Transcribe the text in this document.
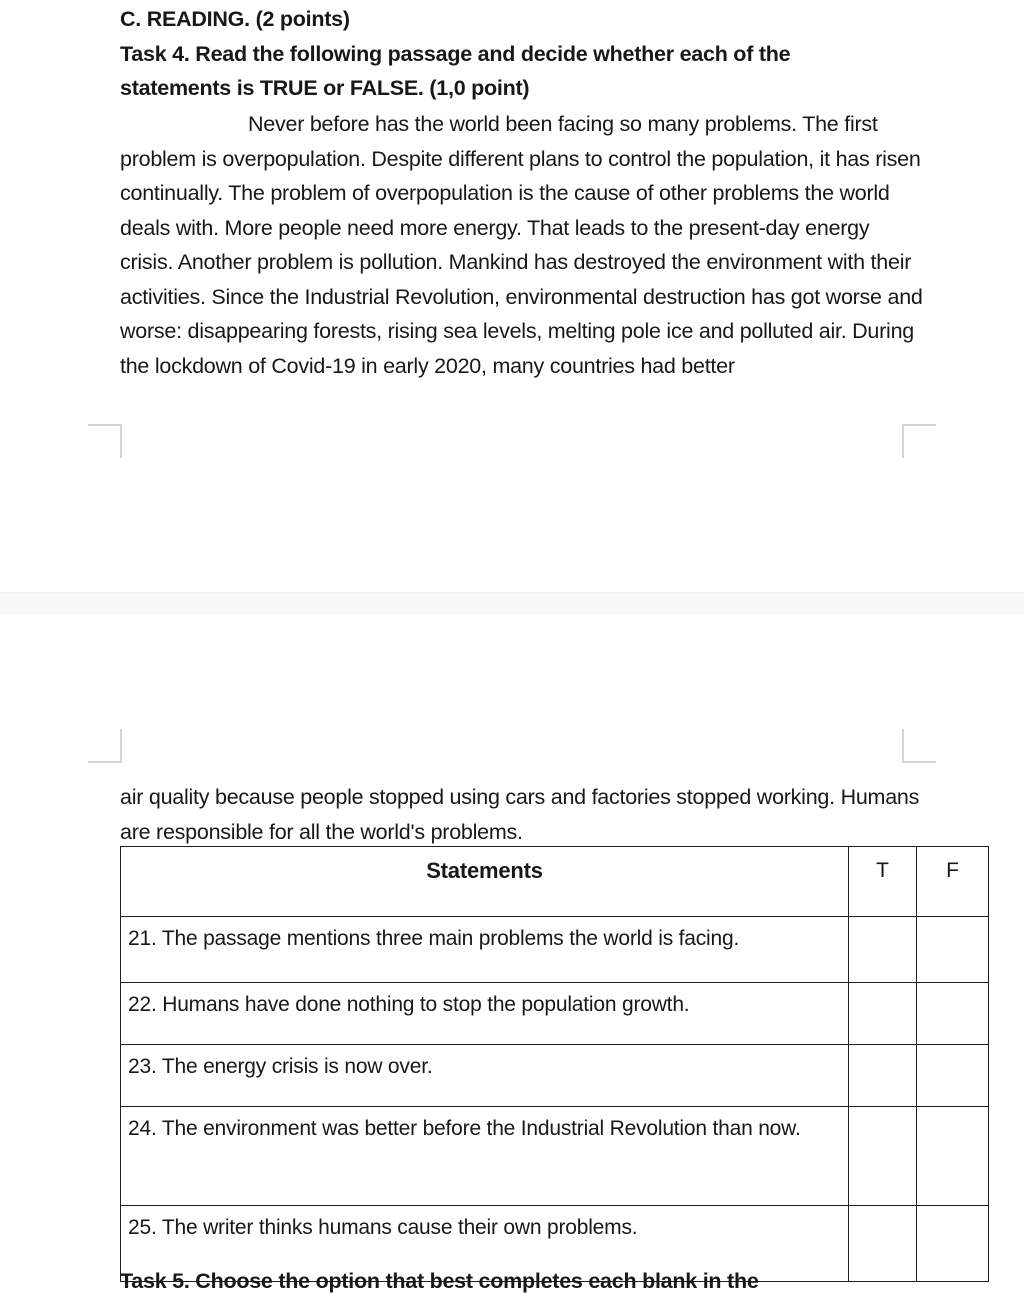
C. READING. (2 points)
Task 4. Read the following passage and decide whether each of the
statements is TRUE or FALSE. (1,0 point)
Never before has the world been facing so many problems. The first problem is overpopulation. Despite different plans to control the population, it has risen continually. The problem of overpopulation is the cause of other problems the world deals with. More people need more energy. That leads to the present-day energy crisis. Another problem is pollution. Mankind has destroyed the environment with their activities. Since the Industrial Revolution, environmental destruction has got worse and worse: disappearing forests, rising sea levels, melting pole ice and polluted air. During the lockdown of Covid-19 in early 2020, many countries had better
air quality because people stopped using cars and factories stopped working. Humans are responsible for all the world's problems.
Statements	T	F
21. The passage mentions three main problems the world is facing.		
22. Humans have done nothing to stop the population growth.		
23. The energy crisis is now over.		
24. The environment was better before the Industrial Revolution than now.		
25. The writer thinks humans cause their own problems.		
Task 5. Choose the option that best completes each blank in the
